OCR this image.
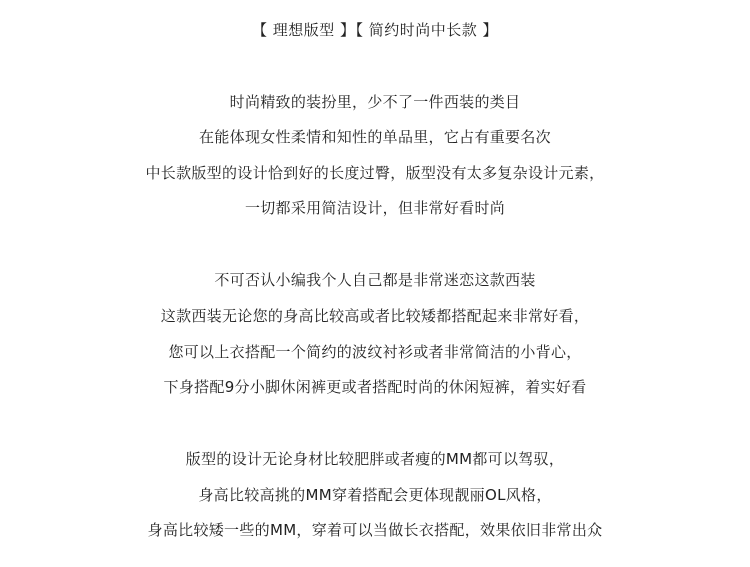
【 理想版型 】【 简约时尚中长款 】
时尚精致的装扮里，少不了一件西装的类目
在能体现女性柔情和知性的单品里，它占有重要名次
中长款版型的设计恰到好的长度过臀，版型没有太多复杂设计元素，
一切都采用简洁设计，但非常好看时尚
不可否认小编我个人自己都是非常迷恋这款西装
这款西装无论您的身高比较高或者比较矮都搭配起来非常好看，
您可以上衣搭配一个简约的波纹衬衫或者非常简洁的小背心，
下身搭配9分小脚休闲裤更或者搭配时尚的休闲短裤，着实好看
版型的设计无论身材比较肥胖或者瘦的MM都可以驾驭，
身高比较高挑的MM穿着搭配会更体现靓丽OL风格，
身高比较矮一些的MM，穿着可以当做长衣搭配，效果依旧非常出众
